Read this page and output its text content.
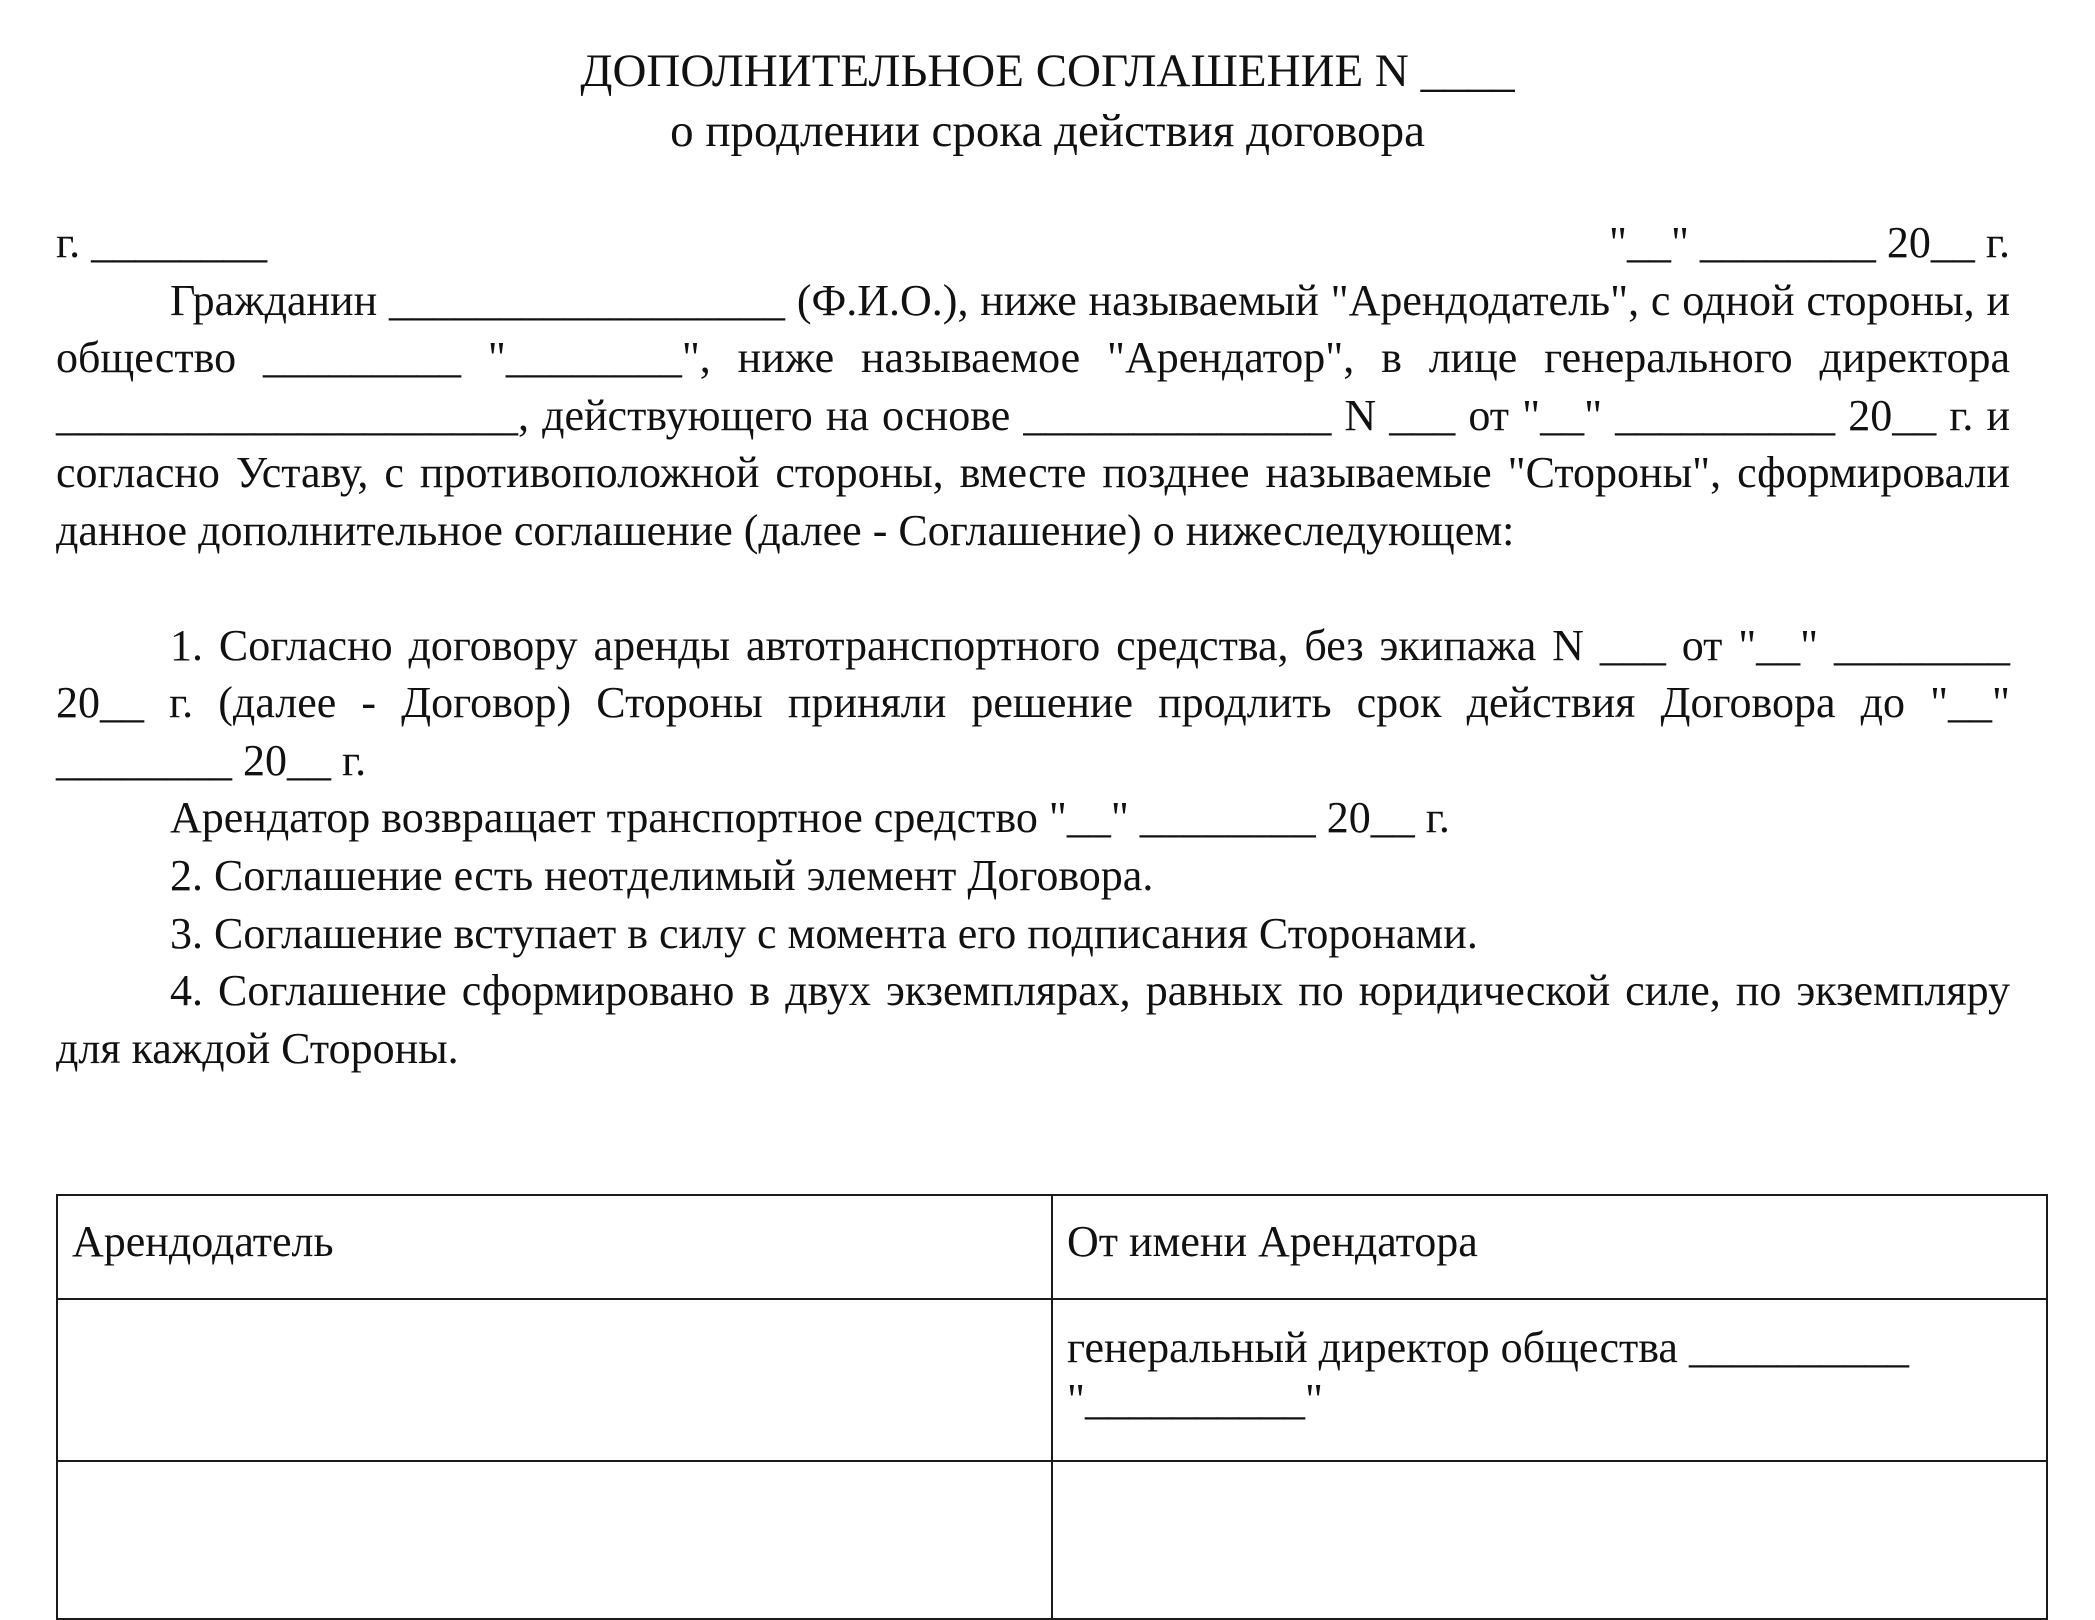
ДОПОЛНИТЕЛЬНОЕ СОГЛАШЕНИЕ N ____
о продлении срока действия договора
г. ________	"__" ________ 20__ г.

Гражданин __________________ (Ф.И.О.), ниже называемый "Арендодатель", с одной стороны, и общество _________ "________", ниже называемое "Арендатор", в лице генерального директора _____________________, действующего на основе ______________ N ___ от "__" __________ 20__ г. и согласно Уставу, с противоположной стороны, вместе позднее называемые "Стороны", сформировали данное дополнительное соглашение (далее - Соглашение) о нижеследующем:

1. Согласно договору аренды автотранспортного средства, без экипажа N ___ от "__" ________ 20__ г. (далее - Договор) Стороны приняли решение продлить срок действия Договора до "__" ________ 20__ г.

Арендатор возвращает транспортное средство "__" ________ 20__ г.

2. Соглашение есть неотделимый элемент Договора.

3. Соглашение вступает в силу с момента его подписания Сторонами.

4. Соглашение сформировано в двух экземплярах, равных по юридической силе, по экземпляру для каждой Стороны.

Арендодатель	От имени Арендатора
	генеральный директор общества __________ "__________"
